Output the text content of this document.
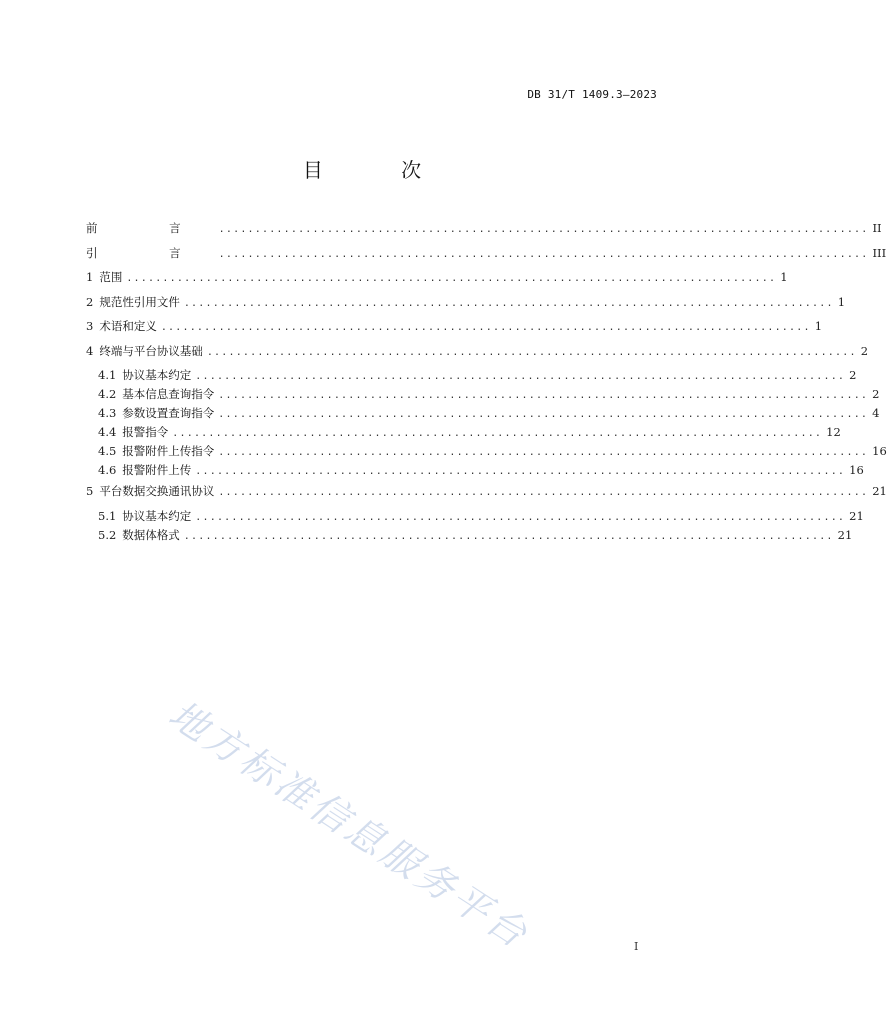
DB 31/T 1409.3—2023
目 次
前 言 .......................................................................................... II
引 言 .......................................................................................... III
1 范围 .......................................................................................... 1
2 规范性引用文件 .......................................................................................... 1
3 术语和定义 .......................................................................................... 1
4 终端与平台协议基础 .......................................................................................... 2
4.1 协议基本约定 .......................................................................................... 2
4.2 基本信息查询指令 .......................................................................................... 2
4.3 参数设置查询指令 .......................................................................................... 4
4.4 报警指令 .......................................................................................... 12
4.5 报警附件上传指令 .......................................................................................... 16
4.6 报警附件上传 .......................................................................................... 16
5 平台数据交换通讯协议 .......................................................................................... 21
5.1 协议基本约定 .......................................................................................... 21
5.2 数据体格式 .......................................................................................... 21
地方标准信息服务平台	I
